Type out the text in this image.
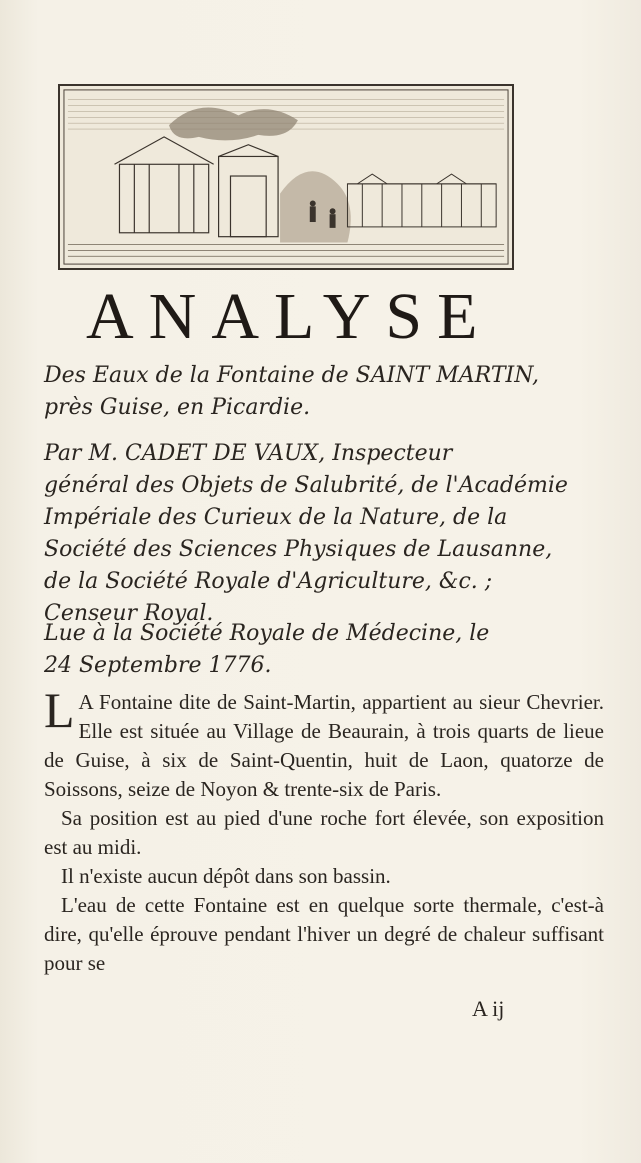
ANALYSE

Des Eaux de la Fontaine de SAINT MARTIN,

près Guise, en Picardie.

Par M. CADET DE VAUX, Inspecteur

général des Objets de Salubrité, de l'Académie

Impériale des Curieux de la Nature, de la

Société des Sciences Physiques de Lausanne,

de la Société Royale d'Agriculture, &c. ;

Censeur Royal.

Lue à la Société Royale de Médecine, le

24 Septembre 1776.

L A Fontaine dite de Saint-Martin, appartient au sieur Chevrier. Elle est située au Village de Beaurain, à trois quarts de lieue de Guise, à six de Saint-Quentin, huit de Laon, quatorze de Soissons, seize de Noyon & trente-six de Paris.

Sa position est au pied d'une roche fort élevée, son exposition est au midi.

Il n'existe aucun dépôt dans son bassin.

L'eau de cette Fontaine est en quelque sorte thermale, c'est-à dire, qu'elle éprouve pendant l'hiver un degré de chaleur suffisant pour se

A ij
